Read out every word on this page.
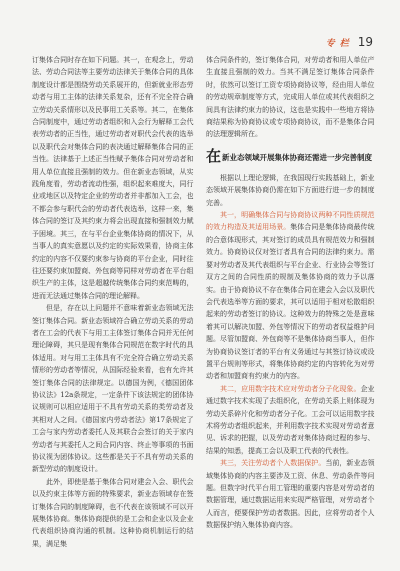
专栏 19

订集体合同时存在如下问题。其一，在观念上，劳动法、劳动合同法等主要劳动法律关于集体合同的具体制度设计都是围绕劳动关系展开的，但新就业形态劳动者与用工主体的法律关系复杂，还有不完全符合确立劳动关系情形以及民事用工关系等。其二，在集体合同制度中，通过劳动者组织和入会行为解释工会代表劳动者的正当性，通过劳动者对职代会代表的选举以及职代会对集体合同的表决通过解释集体合同的正当性。法律基于上述正当性赋予集体合同对劳动者和用人单位直接且强制的效力。但在新业态领域，从实践角度看，劳动者流动性强，组织起来难度大，同行业或地区以及特定企业的劳动者并非都加入工会，也不都会参与职代会的劳动者代表选举，这样一来，集体合同的签订及其约束力将会出现直接和强制效力赋予困境。其三，在与平台企业集体协商的情况下，从当事人的真实意愿以及约定的实际效果看，协商主体约定的内容不仅要约束参与协商的平台企业，同时往往还要约束加盟商、外包商等同样对劳动者在平台组织生产的主体，这是超越传统集体合同约束范畴的，进而无法通过集体合同的理论解释。

但是，存在以上问题并不意味着新业态领域无法签订集体合同。新业态领域符合确立劳动关系的劳动者在工会的代表下与用工主体签订集体合同并无任何理论障碍，其只是现有集体合同规范在数字时代的具体适用。对与用工主体具有不完全符合确立劳动关系情形的劳动者等情况，从国际经验来看，也有允许其签订集体合同的法律规定。以德国为例，《德国团体协议法》12a条规定，一定条件下该法规定的团体协议规则可以相应适用于不具有劳动关系的类劳动者及其相对人之间。《德国家内劳动者法》第17条规定了工会与家内劳动者委托人及其联合会签订的关于家内劳动者与其委托人之间合同内容、终止等事项的书面协议视为团体协议。这些都是关于不具有劳动关系的新型劳动的制度设计。

此外，即使是基于集体合同对建会入会、职代会以及约束主体等方面的特殊要求，新业态领域存在签订集体合同的制度障碍，也不代表在该领域不可以开展集体协商。集体协商提供的是工会和企业以及企业代表组织协商沟通的机制。这种协商机制运行的结果，满足集

体合同条件的，签订集体合同，对劳动者和用人单位产生直接且强制的效力。当其不满足签订集体合同条件时，依然可以签订工资专项协商协议等，经由用人单位的劳动规章制度等方式，完成用人单位或其代表组织之间具有法律约束力的协议，这也是实践中一些地方将协商结果称为协商协议或专项协商协议，而不是集体合同的法理逻辑所在。

在 新业态领域开展集体协商还需进一步完善制度

根据以上理论逻辑，在我国现行实践基础上，新业态领域开展集体协商仍需在如下方面进行进一步的制度完善。

其一，明确集体合同与协商协议两种不同性质规范的效力构造及其适用场景。集体合同是集体协商最传统的合意体现形式，其对签订的成员具有规范效力和强制效力。协商协议仅对签订者具有合同的法律约束力。需要对劳动者及其代表组织与平台企业、行业协会等签订双方之间的合同性质的规制及集体协商的效力予以落实。由于协商协议不存在集体合同在建会入会以及职代会代表选举等方面的要求，其可以适用于相对松散组织起来的劳动者签订的协议。这种效力的特殊之处是意味着其可以解决加盟、外包等情况下的劳动者权益维护问题。尽管加盟商、外包商等不是集体协商当事人，但作为协商协议签订者的平台有义务通过与其签订协议或设置平台规则等形式，将集体协商约定的内容转化为对劳动者和加盟商有约束力的内容。

其二，应用数字技术应对劳动者分子化现象。企业通过数字技术实现了去组织化，在劳动关系上则体现为劳动关系碎片化和劳动者分子化。工会可以运用数字技术将劳动者组织起来，并利用数字技术实现对劳动者意见、诉求的把握，以及劳动者对集体协商过程的参与、结果的知悉，提高工会以及职工代表的代表性。

其三，关注劳动者个人数据保护。当前，新业态领域集体协商的内容主要涉及工资、休息、劳动条件等问题。但数字时代平台用工管理的重要内容是对劳动者的数据管理，通过数据运用来实现严格管理，对劳动者个人而言，便要保护劳动者数据。因此，应将劳动者个人数据保护纳入集体协商内容。
